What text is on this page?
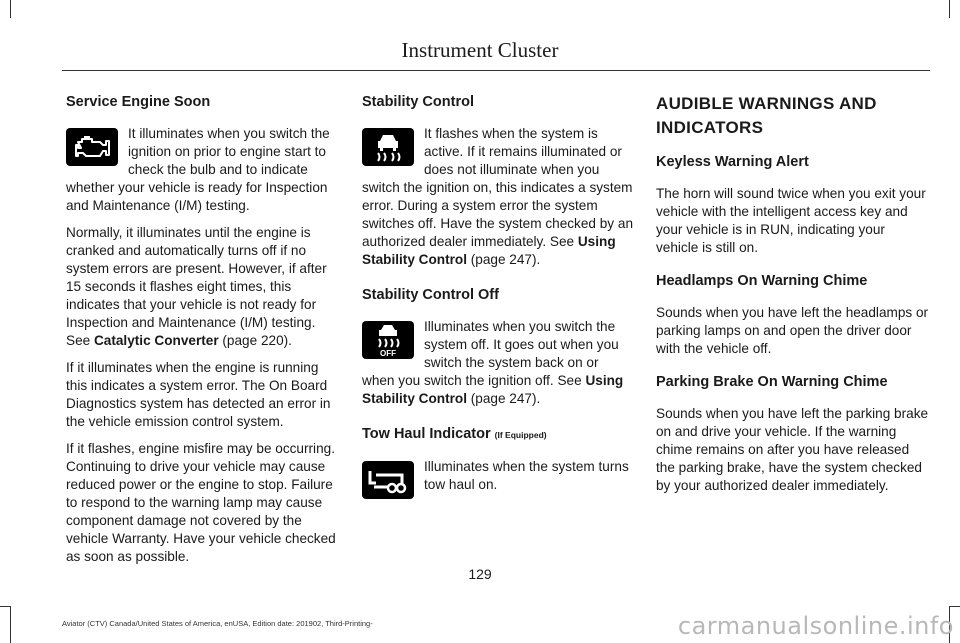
Instrument Cluster
Service Engine Soon

It illuminates when you switch the ignition on prior to engine start to check the bulb and to indicate whether your vehicle is ready for Inspection and Maintenance (I/M) testing.

Normally, it illuminates until the engine is cranked and automatically turns off if no system errors are present. However, if after 15 seconds it flashes eight times, this indicates that your vehicle is not ready for Inspection and Maintenance (I/M) testing. See Catalytic Converter (page 220).

If it illuminates when the engine is running this indicates a system error. The On Board Diagnostics system has detected an error in the vehicle emission control system.

If it flashes, engine misfire may be occurring. Continuing to drive your vehicle may cause reduced power or the engine to stop. Failure to respond to the warning lamp may cause component damage not covered by the vehicle Warranty. Have your vehicle checked as soon as possible.

Stability Control

It flashes when the system is active. If it remains illuminated or does not illuminate when you switch the ignition on, this indicates a system error. During a system error the system switches off. Have the system checked by an authorized dealer immediately. See Using Stability Control (page 247).

Stability Control Off
OFF

Illuminates when you switch the system off. It goes out when you switch the system back on or when you switch the ignition off. See Using Stability Control (page 247).

Tow Haul Indicator (If Equipped)

Illuminates when the system turns tow haul on.

AUDIBLE WARNINGS AND
INDICATORS
Keyless Warning Alert

The horn will sound twice when you exit your vehicle with the intelligent access key and your vehicle is in RUN, indicating your vehicle is still on.

Headlamps On Warning Chime

Sounds when you have left the headlamps or parking lamps on and open the driver door with the vehicle off.

Parking Brake On Warning Chime

Sounds when you have left the parking brake on and drive your vehicle. If the warning chime remains on after you have released the parking brake, have the system checked by your authorized dealer immediately.

129
Aviator (CTV) Canada/United States of America, enUSA, Edition date: 201902, Third-Printing-	carmanualsonline.info
